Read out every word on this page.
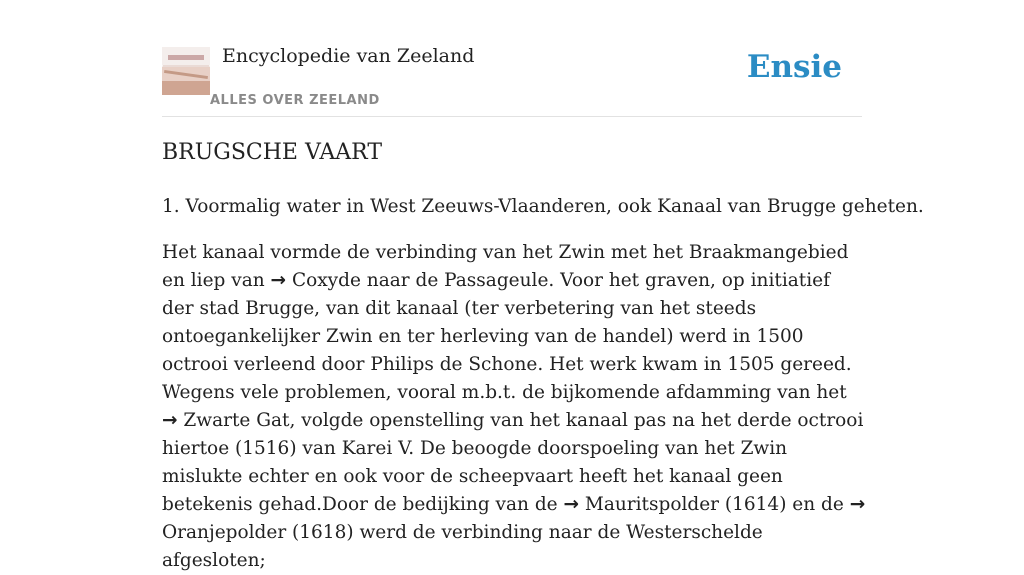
Encyclopedie van Zeeland
ALLES OVER ZEELAND
Ensie
BRUGSCHE VAART

1. Voormalig water in West Zeeuws-Vlaanderen, ook Kanaal van Brugge geheten.

Het kanaal vormde de verbinding van het Zwin met het Braakmangebied en liep van → Coxyde naar de Passageule. Voor het graven, op initiatief der stad Brugge, van dit kanaal (ter verbetering van het steeds ontoegankelijker Zwin en ter herleving van de handel) werd in 1500 octrooi verleend door Philips de Schone. Het werk kwam in 1505 gereed. Wegens vele problemen, vooral m.b.t. de bijkomende afdamming van het → Zwarte Gat, volgde openstelling van het kanaal pas na het derde octrooi hiertoe (1516) van Karei V. De beoogde doorspoeling van het Zwin mislukte echter en ook voor de scheepvaart heeft het kanaal geen betekenis gehad.Door de bedijking van de → Mauritspolder (1614) en de → Oranjepolder (1618) werd de verbinding naar de Westerschelde afgesloten;
